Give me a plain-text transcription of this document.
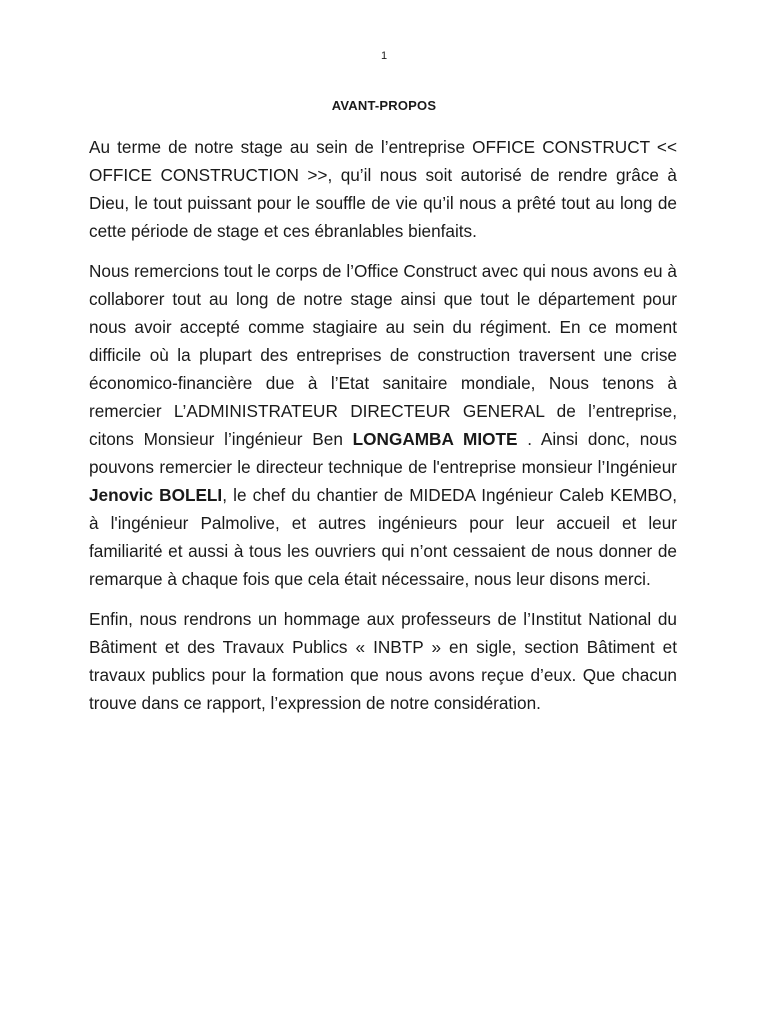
1
AVANT-PROPOS

Au terme de notre stage au sein de l’entreprise OFFICE CONSTRUCT << OFFICE CONSTRUCTION >>, qu’il nous soit autorisé de rendre grâce à Dieu, le tout puissant pour le souffle de vie qu’il nous a prêté tout au long de cette période de stage et ces ébranlables bienfaits.

Nous remercions tout le corps de l’Office Construct avec qui nous avons eu à collaborer tout au long de notre stage ainsi que tout le département pour nous avoir accepté comme stagiaire au sein du régiment. En ce moment difficile où la plupart des entreprises de construction traversent une crise économico-financière due à l’Etat sanitaire mondiale, Nous tenons à remercier L’ADMINISTRATEUR DIRECTEUR GENERAL de l’entreprise, citons Monsieur l’ingénieur Ben LONGAMBA MIOTE . Ainsi donc, nous pouvons remercier le directeur technique de l'entreprise monsieur l’Ingénieur Jenovic BOLELI, le chef du chantier de MIDEDA Ingénieur Caleb KEMBO, à l'ingénieur Palmolive, et autres ingénieurs pour leur accueil et leur familiarité et aussi à tous les ouvriers qui n’ont cessaient de nous donner de remarque à chaque fois que cela était nécessaire, nous leur disons merci.

Enfin, nous rendrons un hommage aux professeurs de l’Institut National du Bâtiment et des Travaux Publics « INBTP » en sigle, section Bâtiment et travaux publics pour la formation que nous avons reçue d’eux. Que chacun trouve dans ce rapport, l’expression de notre considération.
